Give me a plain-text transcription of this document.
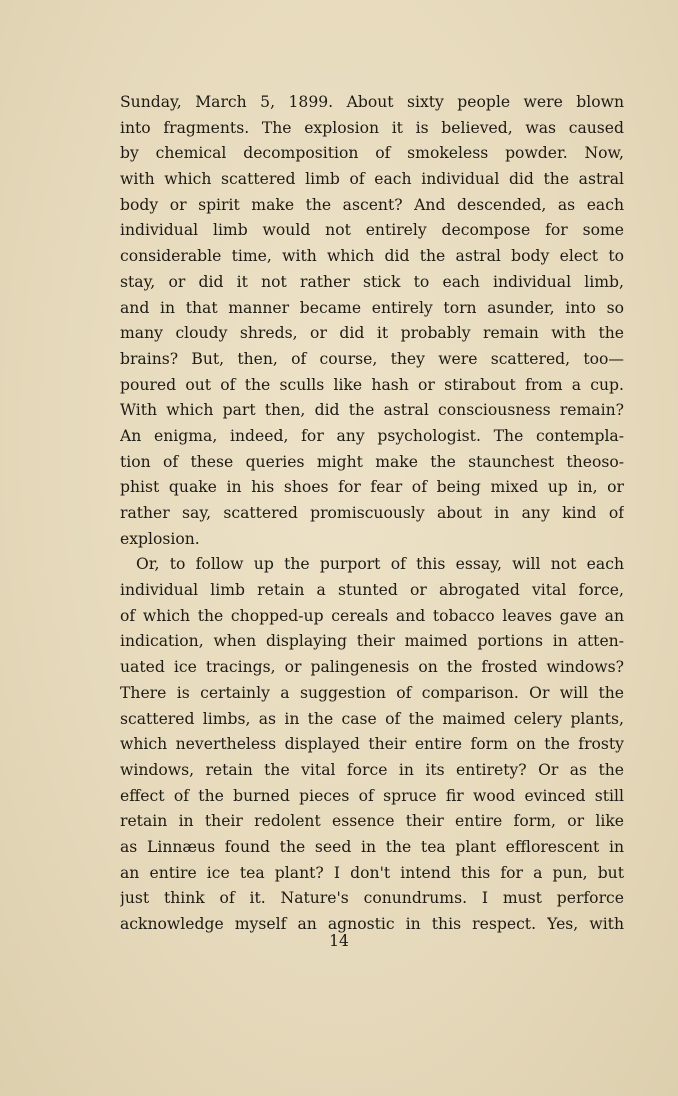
Sunday, March 5, 1899. About sixty people were blown
into fragments. The explosion it is believed, was caused
by chemical decomposition of smokeless powder. Now,
with which scattered limb of each individual did the astral
body or spirit make the ascent? And descended, as each
individual limb would not entirely decompose for some
considerable time, with which did the astral body elect to
stay, or did it not rather stick to each individual limb,
and in that manner became entirely torn asunder, into so
many cloudy shreds, or did it probably remain with the
brains? But, then, of course, they were scattered, too—
poured out of the sculls like hash or stirabout from a cup.
With which part then, did the astral consciousness remain?
An enigma, indeed, for any psychologist. The contempla-
tion of these queries might make the staunchest theoso-
phist quake in his shoes for fear of being mixed up in, or
rather say, scattered promiscuously about in any kind of
explosion.
Or, to follow up the purport of this essay, will not each
individual limb retain a stunted or abrogated vital force,
of which the chopped-up cereals and tobacco leaves gave an
indication, when displaying their maimed portions in atten-
uated ice tracings, or palingenesis on the frosted windows?
There is certainly a suggestion of comparison. Or will the
scattered limbs, as in the case of the maimed celery plants,
which nevertheless displayed their entire form on the frosty
windows, retain the vital force in its entirety? Or as the
effect of the burned pieces of spruce fir wood evinced still
retain in their redolent essence their entire form, or like
as Linnæus found the seed in the tea plant efflorescent in
an entire ice tea plant? I don't intend this for a pun, but
just think of it. Nature's conundrums. I must perforce
acknowledge myself an agnostic in this respect. Yes, with
14
